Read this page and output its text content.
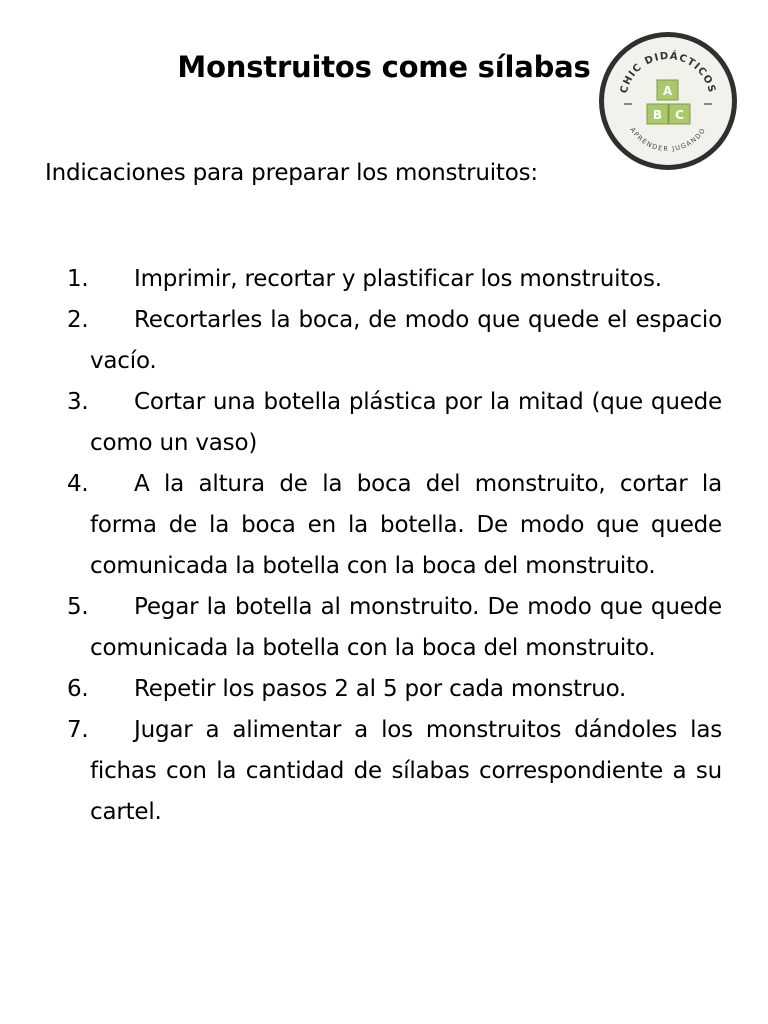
Monstruitos come sílabas
CHIC DIDÁCTICOS
APRENDER JUGANDO
A
B C

Indicaciones para preparar los monstruitos:

1. Imprimir, recortar y plastificar los monstruitos.
2. Recortarles la boca, de modo que quede el espacio vacío.
3. Cortar una botella plástica por la mitad (que quede como un vaso)
4. A la altura de la boca del monstruito, cortar la forma de la boca en la botella. De modo que quede comunicada la botella con la boca del monstruito.
5. Pegar la botella al monstruito. De modo que quede comunicada la botella con la boca del monstruito.
6. Repetir los pasos 2 al 5 por cada monstruo.
7. Jugar a alimentar a los monstruitos dándoles las fichas con la cantidad de sílabas correspondiente a su cartel.
